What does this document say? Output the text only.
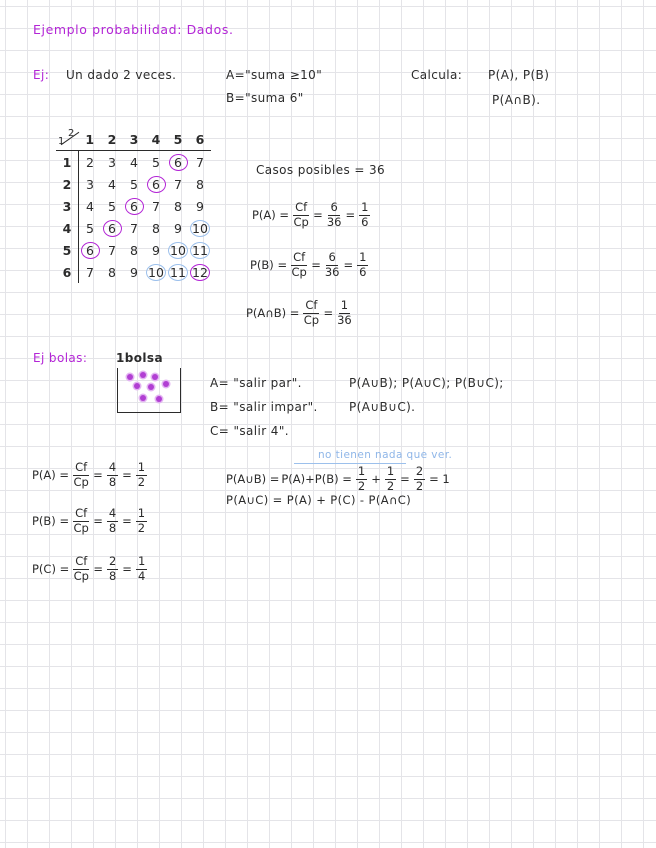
Ejemplo probabilidad: Dados.
Ej: Un dado 2 veces.	A="suma ≥10"
B="suma 6"
Calcula: P(A), P(B)
P(A∩B).
1
2	1	2	3	4	5	6
1	2	3	4	5	6	7
2	3	4	5	6	7	8
3	4	5	6	7	8	9
4	5	6	7	8	9	10
5	6	7	8	9	10	11
6	7	8	9	10	11	12
Casos posibles = 36
$P(A) = \frac{Cf}{Cp} = \frac{6}{36} = \frac{1}{6}$
$P(B) = \frac{Cf}{Cp} = \frac{6}{36} = \frac{1}{6}$
P(A∩B) = $\frac{Cf}{Cp} = \frac{1}{36}$
Ej bolas: 1bolsa
A= "salir par".
B= "salir impar".
C= "salir 4".
P(A∪B); P(A∪C); P(B∪C);
P(A∪B∪C).
$P(A) = \frac{Cf}{Cp} = \frac{4}{8} = \frac{1}{2}$
$P(B) = \frac{Cf}{Cp} = \frac{4}{8} = \frac{1}{2}$
$P(C) = \frac{Cf}{Cp} = \frac{2}{8} = \frac{1}{4}$
no tienen nada que ver.
P(A∪B) = $P(A)+P(B) = \frac{1}{2} + \frac{1}{2} = \frac{2}{2} = 1$
P(A∪C) = P(A) + P(C) - P(A∩C)
